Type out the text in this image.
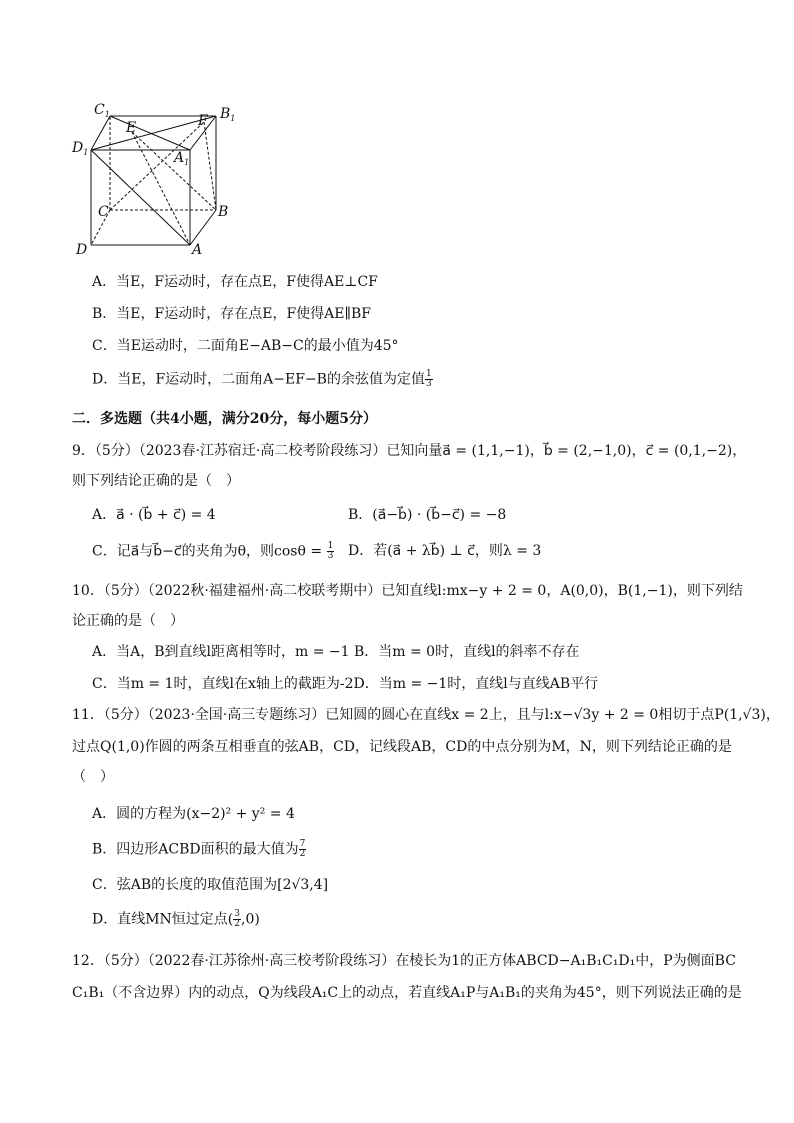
$C_1$	$B_1$
$D_1$	$A_1$
E	F
C	B
D	A
A．当E，F运动时，存在点E，F使得AE⊥CF
B．当E，F运动时，存在点E，F使得AE∥BF
C．当E运动时，二面角E−AB−C的最小值为45°
D．当E，F运动时，二面角A−EF−B的余弦值为定值 $\frac{1}{3}$
二．多选题（共4小题，满分20分，每小题5分）
9．（5分）（2023春·江苏宿迁·高二校考阶段练习）已知向量a⃗ = (1,1,−1)，b⃗ = (2,−1,0)，c⃗ = (0,1,−2)，
则下列结论正确的是（　）
A．a⃗ · (b⃗ + c⃗) = 4	B．(a⃗−b⃗) · (b⃗−c⃗) = −8
C．记a⃗与b⃗−c⃗的夹角为θ，则$\cos\theta = \frac{1}{3}$ D．若(a⃗ + λb⃗) ⊥ c⃗，则λ = 3
10．（5分）（2022秋·福建福州·高二校联考期中）已知直线l:mx−y + 2 = 0，A(0,0)，B(1,−1)，则下列结
论正确的是（　）
A．当A，B到直线l距离相等时，m = −1 B．当m = 0时，直线l的斜率不存在
C．当m = 1时，直线l在x轴上的截距为-2D．当m = −1时，直线l与直线AB平行
11．（5分）（2023·全国·高三专题练习）已知圆的圆心在直线x = 2上，且与l:x−√3y + 2 = 0相切于点P(1,√3)，
过点Q(1,0)作圆的两条互相垂直的弦AB，CD，记线段AB，CD的中点分别为M，N，则下列结论正确的是
（　）
A．圆的方程为(x−2)² + y² = 4
B．四边形ACBD面积的最大值为 $\frac{7}{2}$
C．弦AB的长度的取值范围为[2√3,4]
D．直线MN恒过定点( $\frac{3}{2} ,0$)
12．（5分）（2022春·江苏徐州·高三校考阶段练习）在棱长为1的正方体ABCD−A₁B₁C₁D₁中，P为侧面BC
C₁B₁（不含边界）内的动点，Q为线段A₁C上的动点，若直线A₁P与A₁B₁的夹角为45°，则下列说法正确的是
